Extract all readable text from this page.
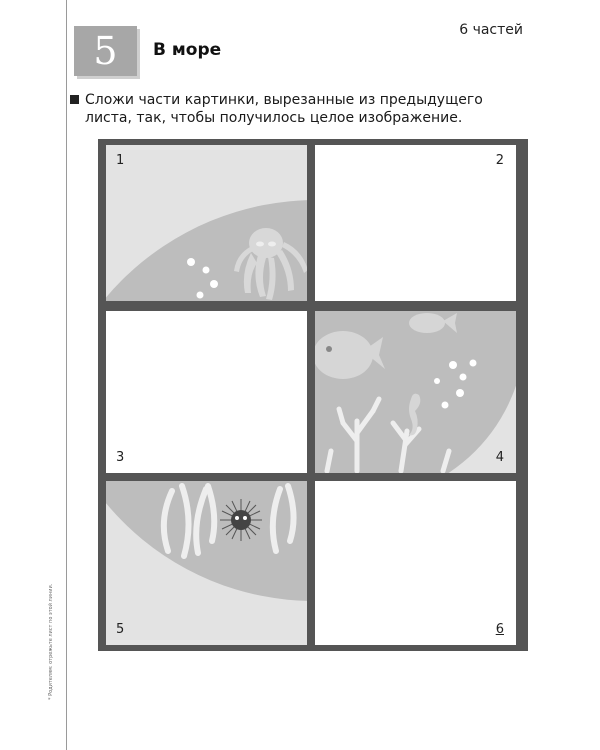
* Родителям: отрежьте лист по этой линии.
5	В море
6 частей
Сложи части картинки, вырезанные из предыдущего листа, так, чтобы получилось целое изображение.
1	2
3	4
5	6
